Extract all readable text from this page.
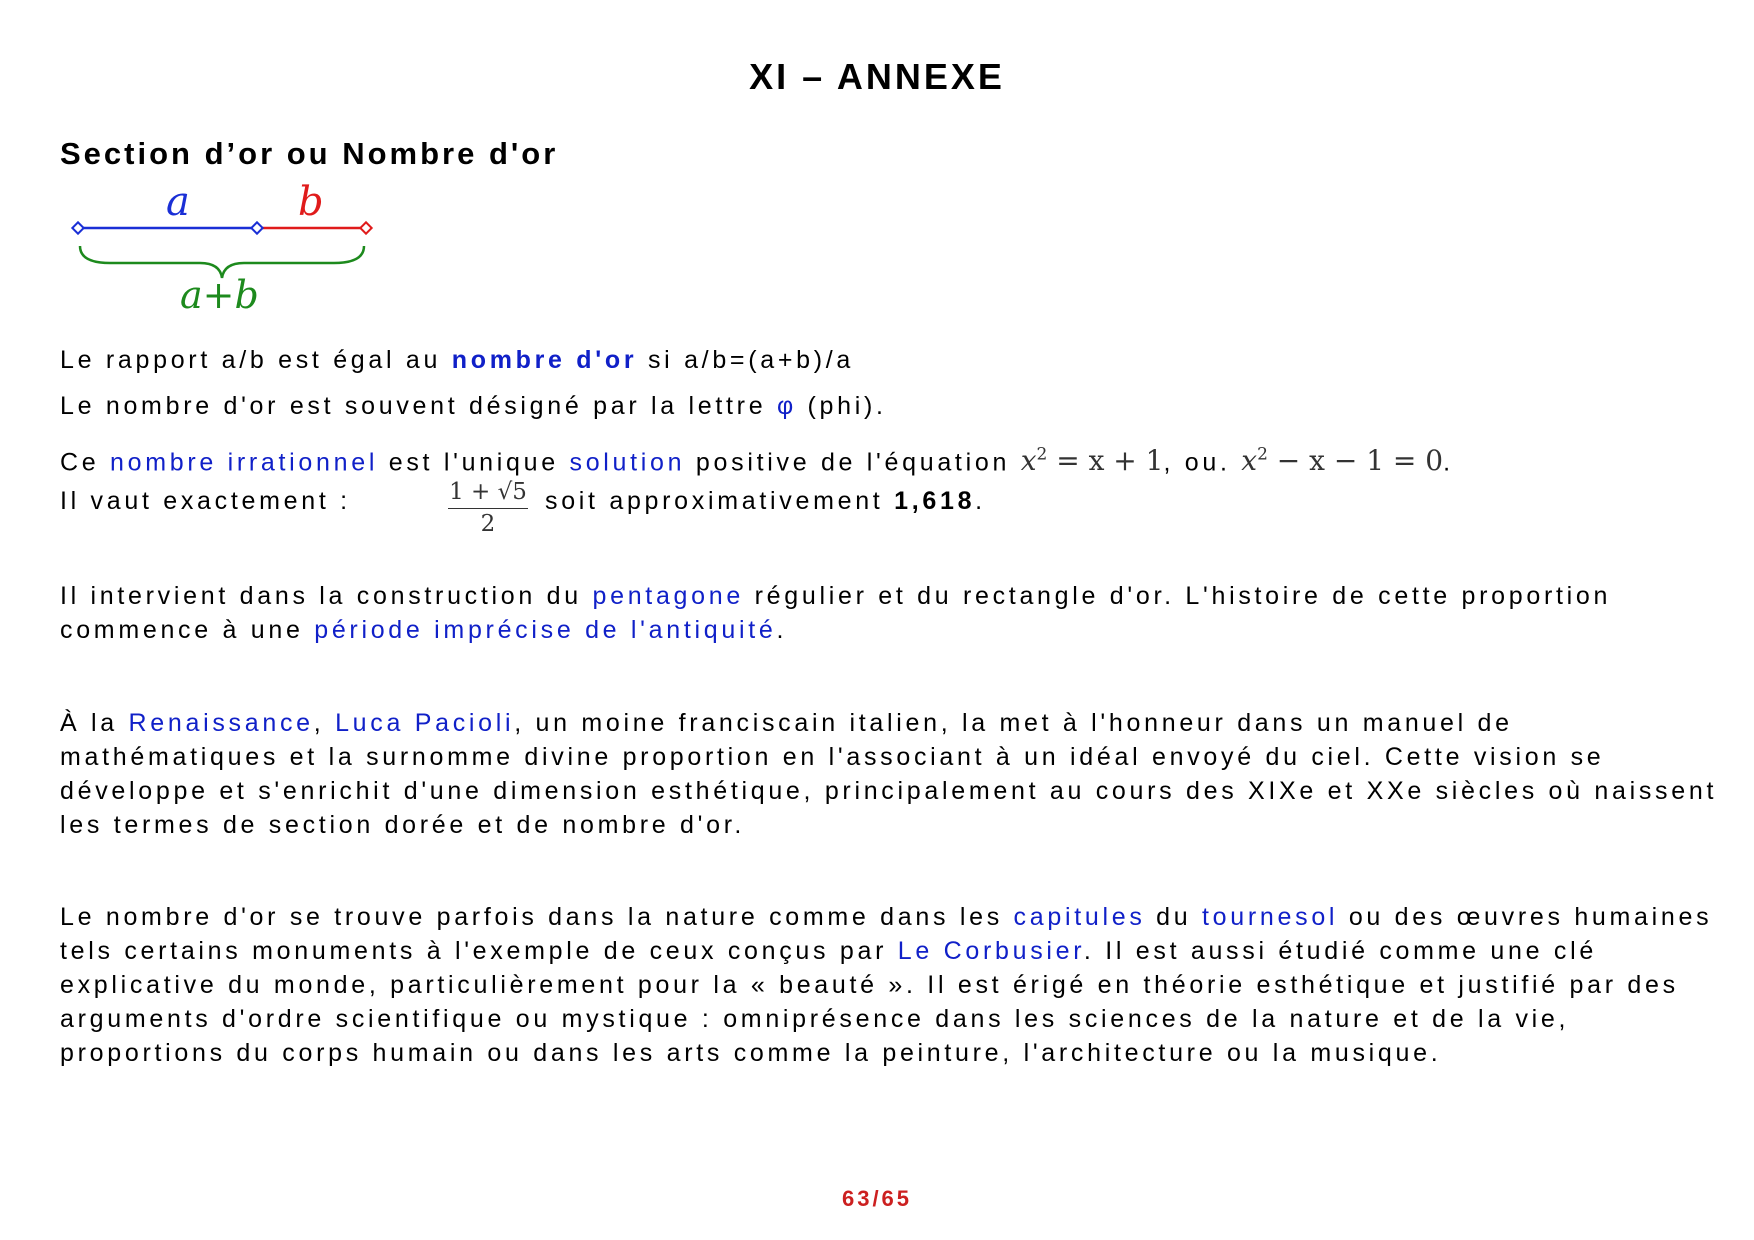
XI – ANNEXE
Section d’or ou Nombre d'or
a	b
a+b

Le rapport a/b est égal au nombre d'or si a/b=(a+b)/a

Le nombre d'or est souvent désigné par la lettre φ (phi).

Ce nombre irrationnel est l'unique solution positive de l'équation $x^2 = x + 1$, ou. $x^2 - x - 1 = 0$.

Il vaut exactement :	$\frac{1 + √5}{2}$ soit approximativement 1,618.

Il intervient dans la construction du pentagone régulier et du rectangle d'or. L'histoire de cette proportion commence à une période imprécise de l'antiquité.

À la Renaissance, Luca Pacioli, un moine franciscain italien, la met à l'honneur dans un manuel de mathématiques et la surnomme divine proportion en l'associant à un idéal envoyé du ciel. Cette vision se développe et s'enrichit d'une dimension esthétique, principalement au cours des XIXe et XXe siècles où naissent les termes de section dorée et de nombre d'or.

Le nombre d'or se trouve parfois dans la nature comme dans les capitules du tournesol ou des œuvres humaines tels certains monuments à l'exemple de ceux conçus par Le Corbusier. Il est aussi étudié comme une clé explicative du monde, particulièrement pour la « beauté ». Il est érigé en théorie esthétique et justifié par des arguments d'ordre scientifique ou mystique : omniprésence dans les sciences de la nature et de la vie, proportions du corps humain ou dans les arts comme la peinture, l'architecture ou la musique.

63/65
